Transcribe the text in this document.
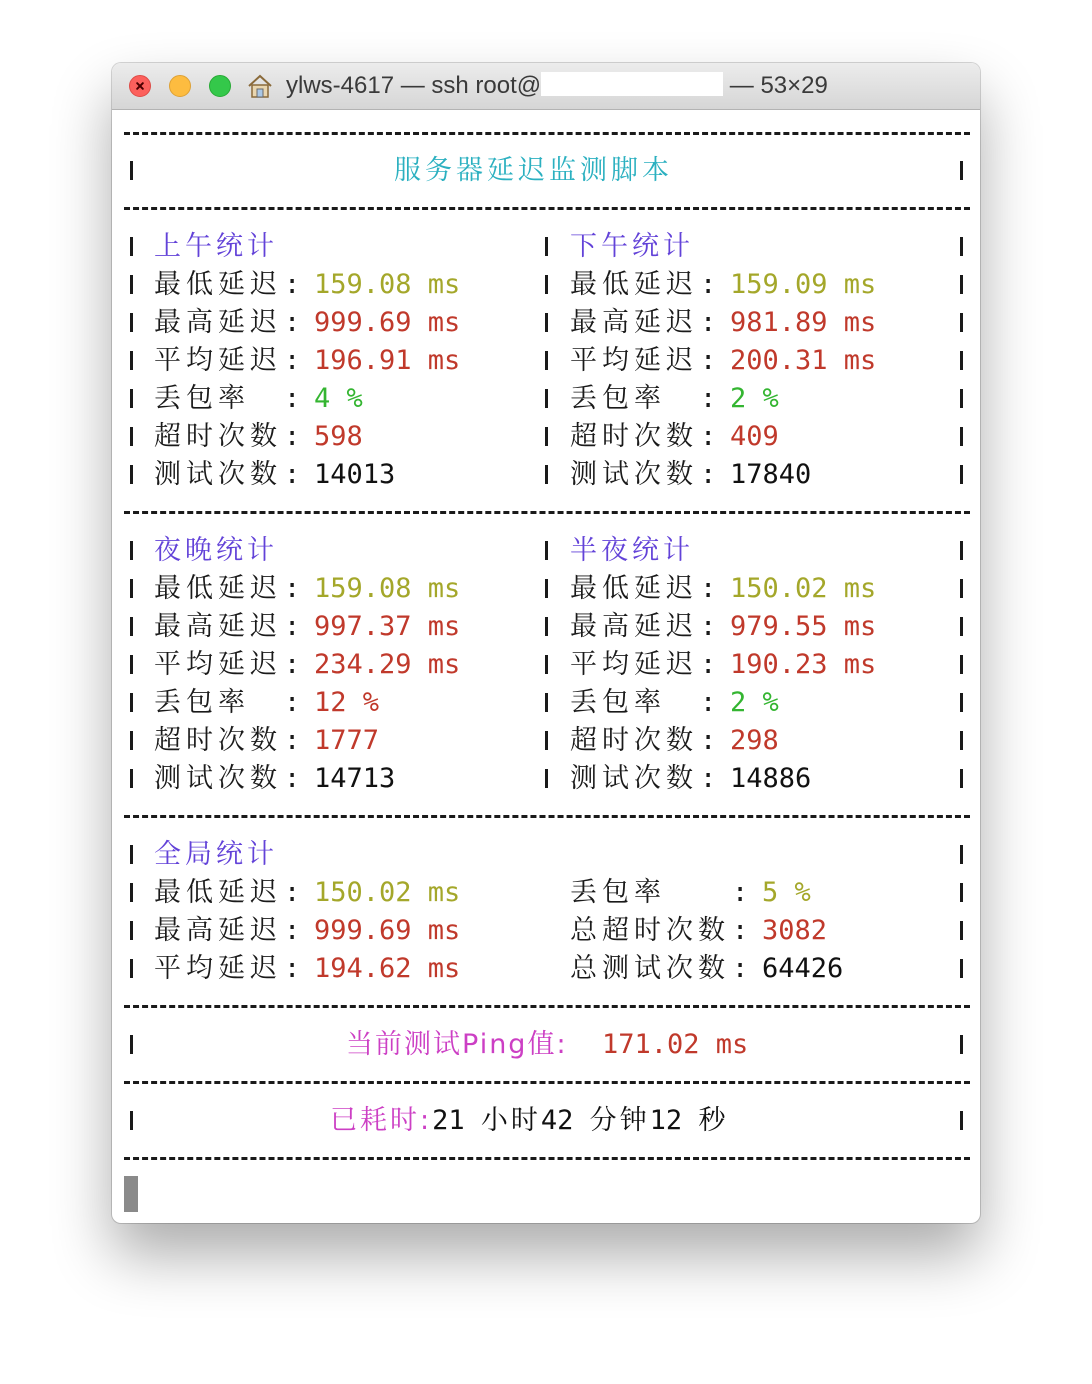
ylws-4617 — ssh root@	— 53×29
服务器延迟监测脚本
上午统计
最低延迟 : 159.08 ms
最高延迟 : 999.69 ms
平均延迟 : 196.91 ms
丢包率 : 4 %
超时次数 : 598
测试次数 : 14013
下午统计
最低延迟 : 159.09 ms
最高延迟 : 981.89 ms
平均延迟 : 200.31 ms
丢包率 : 2 %
超时次数 : 409
测试次数 : 17840
夜晚统计
最低延迟 : 159.08 ms
最高延迟 : 997.37 ms
平均延迟 : 234.29 ms
丢包率 : 12 %
超时次数 : 1777
测试次数 : 14713
半夜统计
最低延迟 : 150.02 ms
最高延迟 : 979.55 ms
平均延迟 : 190.23 ms
丢包率 : 2 %
超时次数 : 298
测试次数 : 14886
全局统计
最低延迟 : 150.02 ms
最高延迟 : 999.69 ms
平均延迟 : 194.62 ms
丢包率 : 5 %
总超时次数 : 3082
总测试次数 : 64426
当前测试Ping值: 171.02 ms
已耗时:21 小时42 分钟12 秒
